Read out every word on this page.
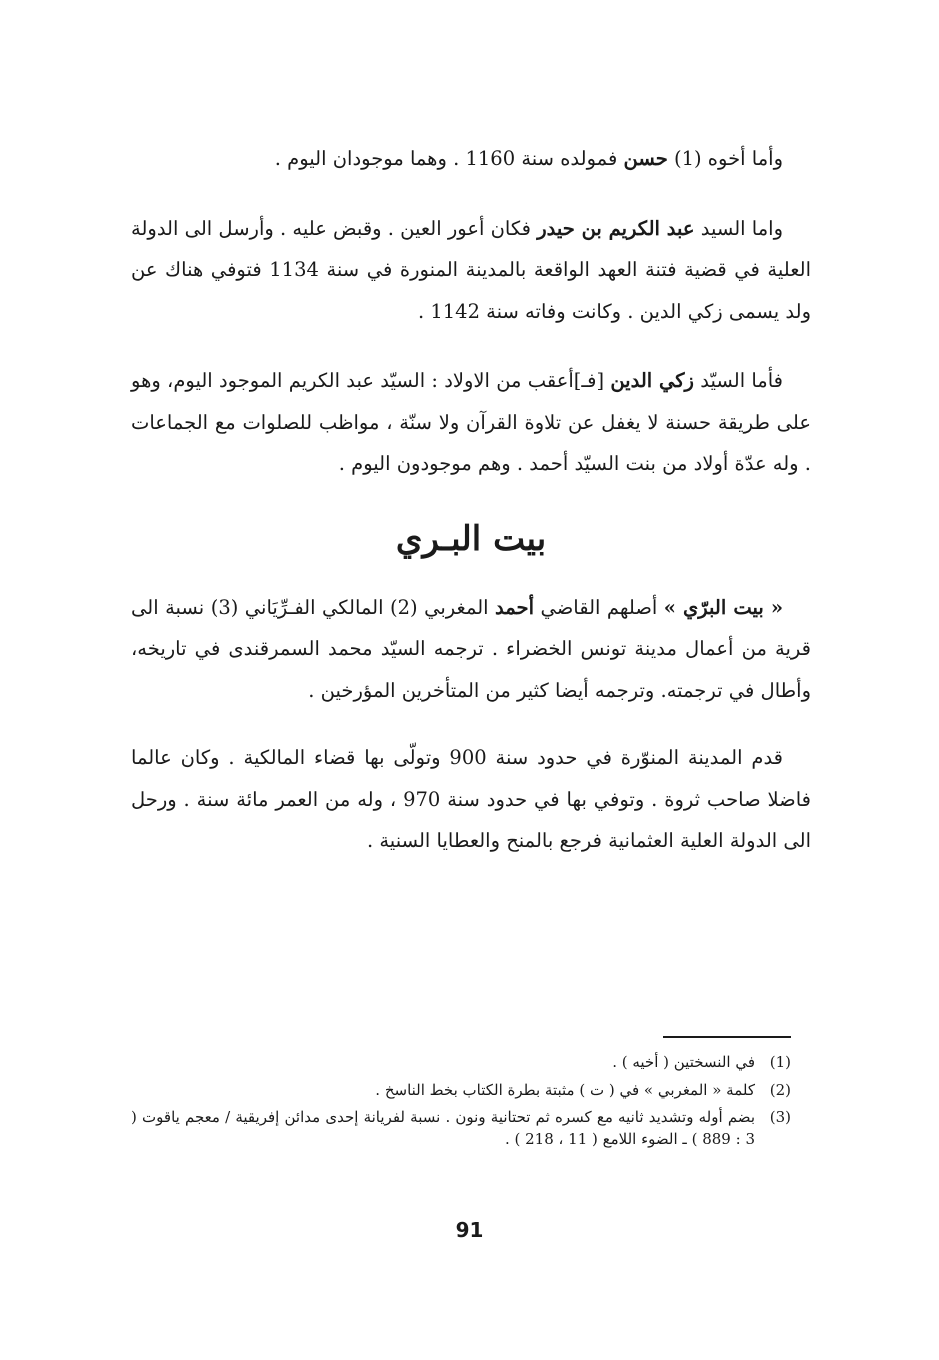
وأما أخوه (1) حسن فمولده سنة 1160 . وهما موجودان اليوم .
واما السيد عبد الكريم بن حيدر فكان أعور العين . وقبض عليه . وأرسل الى الدولة العلية في قضية فتنة العهد الواقعة بالمدينة المنورة في سنة 1134 فتوفي هناك عن ولد يسمى زكي الدين . وكانت وفاته سنة 1142 .
فأما السيّد زكي الدين [فـ]أعقب من الاولاد : السيّد عبد الكريم الموجود اليوم، وهو على طريقة حسنة لا يغفل عن تلاوة القرآن ولا سنّة ، مواظب للصلوات مع الجماعات . وله عدّة أولاد من بنت السيّد أحمد . وهم موجودون اليوم .
بيت البـري
« بيت البرّي » أصلهم القاضي أحمد المغربي (2) المالكي الفـرِّيَاني (3) نسبة الى قرية من أعمال مدينة تونس الخضراء . ترجمه السيّد محمد السمرقندى في تاريخه، وأطال في ترجمته. وترجمه أيضا كثير من المتأخرين المؤرخين .
قدم المدينة المنوّرة في حدود سنة 900 وتولّى بها قضاء المالكية . وكان عالما فاضلا صاحب ثروة . وتوفي بها في حدود سنة 970 ، وله من العمر مائة سنة . ورحل الى الدولة العلية العثمانية فرجع بالمنح والعطايا السنية .
(1)
في النسختين ( أخيه ) .
(2)
كلمة « المغربي » في ( ت ) مثبتة بطرة الكتاب بخط الناسخ .
(3)
بضم أوله وتشديد ثانيه مع كسره ثم تحتانية ونون . نسبة لفريانة إحدى مدائن إفريقية / معجم ياقوت ( 3 : 889 ) ـ الضوء اللامع ( 11 ، 218 ) .
91
